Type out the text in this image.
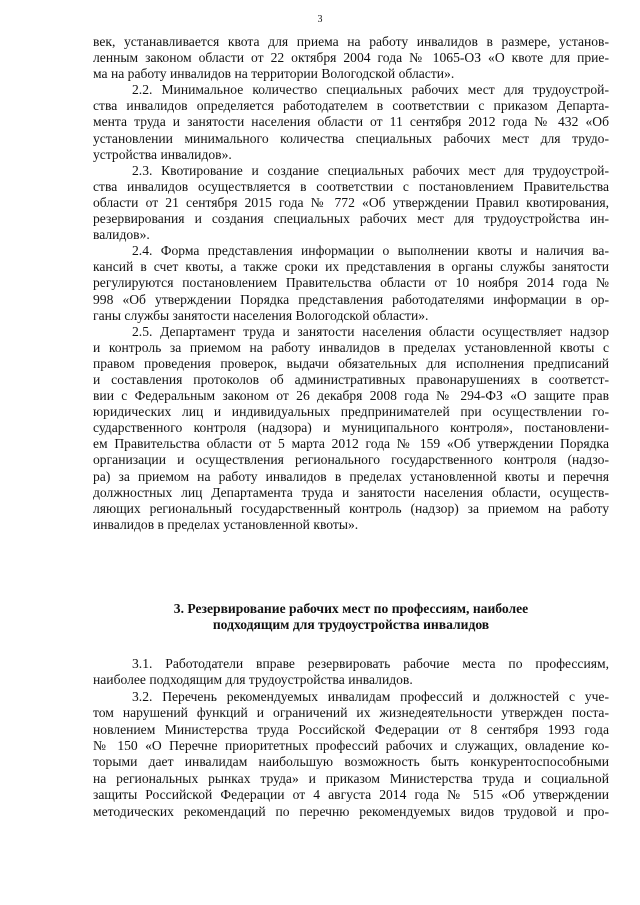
3
век, устанавливается квота для приема на работу инвалидов в размере, установ-
ленным законом области от 22 октября 2004 года № 1065-ОЗ «О квоте для прие-
ма на работу инвалидов на территории Вологодской области».
2.2. Минимальное количество специальных рабочих мест для трудоустрой-
ства инвалидов определяется работодателем в соответствии с приказом Департа-
мента труда и занятости населения области от 11 сентября 2012 года № 432 «Об
установлении минимального количества специальных рабочих мест для трудо-
устройства инвалидов».
2.3. Квотирование и создание специальных рабочих мест для трудоустрой-
ства инвалидов осуществляется в соответствии с постановлением Правительства
области от 21 сентября 2015 года № 772 «Об утверждении Правил квотирования,
резервирования и создания специальных рабочих мест для трудоустройства ин-
валидов».
2.4. Форма представления информации о выполнении квоты и наличия ва-
кансий в счет квоты, а также сроки их представления в органы службы занятости
регулируются постановлением Правительства области от 10 ноября 2014 года №
998 «Об утверждении Порядка представления работодателями информации в ор-
ганы службы занятости населения Вологодской области».
2.5. Департамент труда и занятости населения области осуществляет надзор
и контроль за приемом на работу инвалидов в пределах установленной квоты с
правом проведения проверок, выдачи обязательных для исполнения предписаний
и составления протоколов об административных правонарушениях в соответст-
вии с Федеральным законом от 26 декабря 2008 года № 294-ФЗ «О защите прав
юридических лиц и индивидуальных предпринимателей при осуществлении го-
сударственного контроля (надзора) и муниципального контроля», постановлени-
ем Правительства области от 5 марта 2012 года № 159 «Об утверждении Порядка
организации и осуществления регионального государственного контроля (надзо-
ра) за приемом на работу инвалидов в пределах установленной квоты и перечня
должностных лиц Департамента труда и занятости населения области, осуществ-
ляющих региональный государственный контроль (надзор) за приемом на работу
инвалидов в пределах установленной квоты».
3. Резервирование рабочих мест по профессиям, наиболее
подходящим для трудоустройства инвалидов
3.1. Работодатели вправе резервировать рабочие места по профессиям,
наиболее подходящим для трудоустройства инвалидов.
3.2. Перечень рекомендуемых инвалидам профессий и должностей с уче-
том нарушений функций и ограничений их жизнедеятельности утвержден поста-
новлением Министерства труда Российской Федерации от 8 сентября 1993 года
№ 150 «О Перечне приоритетных профессий рабочих и служащих, овладение ко-
торыми дает инвалидам наибольшую возможность быть конкурентоспособными
на региональных рынках труда» и приказом Министерства труда и социальной
защиты Российской Федерации от 4 августа 2014 года № 515 «Об утверждении
методических рекомендаций по перечню рекомендуемых видов трудовой и про-
